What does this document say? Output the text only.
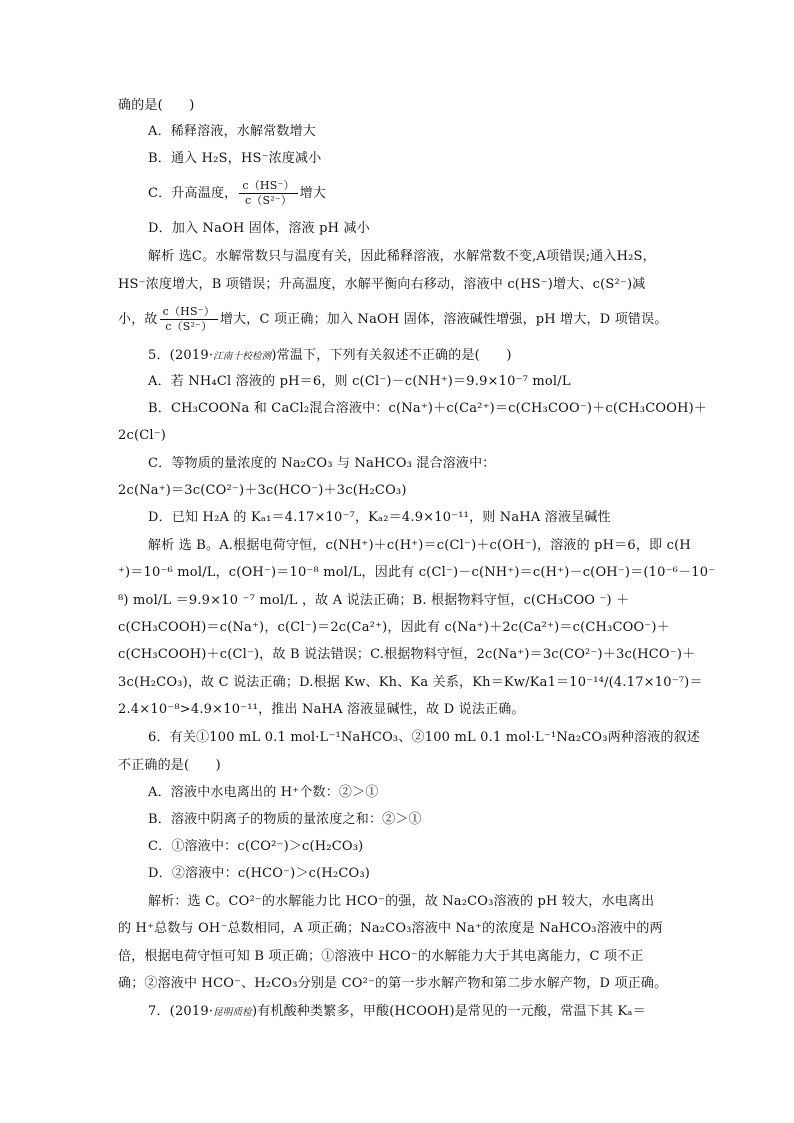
确的是(　　)
A．稀释溶液，水解常数增大
B．通入 H₂S，HS⁻浓度减小
C．升高温度， $\frac{c(HS^-)}{\text{c（S²⁻）}}$ 增大
D．加入 NaOH 固体，溶液 pH 减小
解析 选C。水解常数只与温度有关，因此稀释溶液，水解常数不变,A项错误;通入H₂S，
HS⁻浓度增大，B 项错误；升高温度，水解平衡向右移动，溶液中 c(HS⁻)增大、c(S²⁻)减
小，故 $\frac{c(HS^-)}{\text{c（S²⁻）}}$ 增大，C 项正确；加入 NaOH 固体，溶液碱性增强，pH 增大，D 项错误。
5．(2019·江南十校检测)常温下，下列有关叙述不正确的是(　　)
A．若 NH₄Cl 溶液的 pH＝6，则 c(Cl⁻)－c(NH⁺)＝9.9×10⁻⁷ mol/L
B．CH₃COONa 和 CaCl₂混合溶液中：c(Na⁺)＋c(Ca²⁺)＝c(CH₃COO⁻)＋c(CH₃COOH)＋
2c(Cl⁻)
C．等物质的量浓度的 Na₂CO₃ 与 NaHCO₃ 混合溶液中：
2c(Na⁺)＝3c(CO²⁻)＋3c(HCO⁻)＋3c(H₂CO₃)
D．已知 H₂A 的 Kₐ₁＝4.17×10⁻⁷，Kₐ₂＝4.9×10⁻¹¹，则 NaHA 溶液呈碱性
解析 选 B。A.根据电荷守恒，c(NH⁺)＋c(H⁺)＝c(Cl⁻)＋c(OH⁻)，溶液的 pH＝6，即 c(H
⁺)＝10⁻⁶ mol/L，c(OH⁻)＝10⁻⁸ mol/L，因此有 c(Cl⁻)－c(NH⁺)＝c(H⁺)－c(OH⁻)＝(10⁻⁶－10⁻
⁸) mol/L ＝9.9×10 ⁻⁷ mol/L ，故 A 说法正确；B. 根据物料守恒，c(CH₃COO ⁻) ＋
c(CH₃COOH)＝c(Na⁺)，c(Cl⁻)＝2c(Ca²⁺)，因此有 c(Na⁺)＋2c(Ca²⁺)＝c(CH₃COO⁻)＋
c(CH₃COOH)＋c(Cl⁻)，故 B 说法错误；C.根据物料守恒，2c(Na⁺)＝3c(CO²⁻)＋3c(HCO⁻)＋
3c(H₂CO₃)，故 C 说法正确；D.根据 Kw、Kh、Ka 关系，Kh＝Kw/Ka1＝10⁻¹⁴/(4.17×10⁻⁷)＝
2.4×10⁻⁸>4.9×10⁻¹¹，推出 NaHA 溶液显碱性，故 D 说法正确。
6．有关①100 mL 0.1 mol·L⁻¹NaHCO₃、②100 mL 0.1 mol·L⁻¹Na₂CO₃两种溶液的叙述
不正确的是(　　)
A．溶液中水电离出的 H⁺个数：②＞①
B．溶液中阴离子的物质的量浓度之和：②＞①
C．①溶液中：c(CO²⁻)＞c(H₂CO₃)
D．②溶液中：c(HCO⁻)＞c(H₂CO₃)
解析：选 C。CO²⁻的水解能力比 HCO⁻的强，故 Na₂CO₃溶液的 pH 较大，水电离出
的 H⁺总数与 OH⁻总数相同，A 项正确；Na₂CO₃溶液中 Na⁺的浓度是 NaHCO₃溶液中的两
倍，根据电荷守恒可知 B 项正确；①溶液中 HCO⁻的水解能力大于其电离能力，C 项不正
确；②溶液中 HCO⁻、H₂CO₃分别是 CO²⁻的第一步水解产物和第二步水解产物，D 项正确。
7．(2019·昆明质检)有机酸种类繁多，甲酸(HCOOH)是常见的一元酸，常温下其 Kₐ＝
